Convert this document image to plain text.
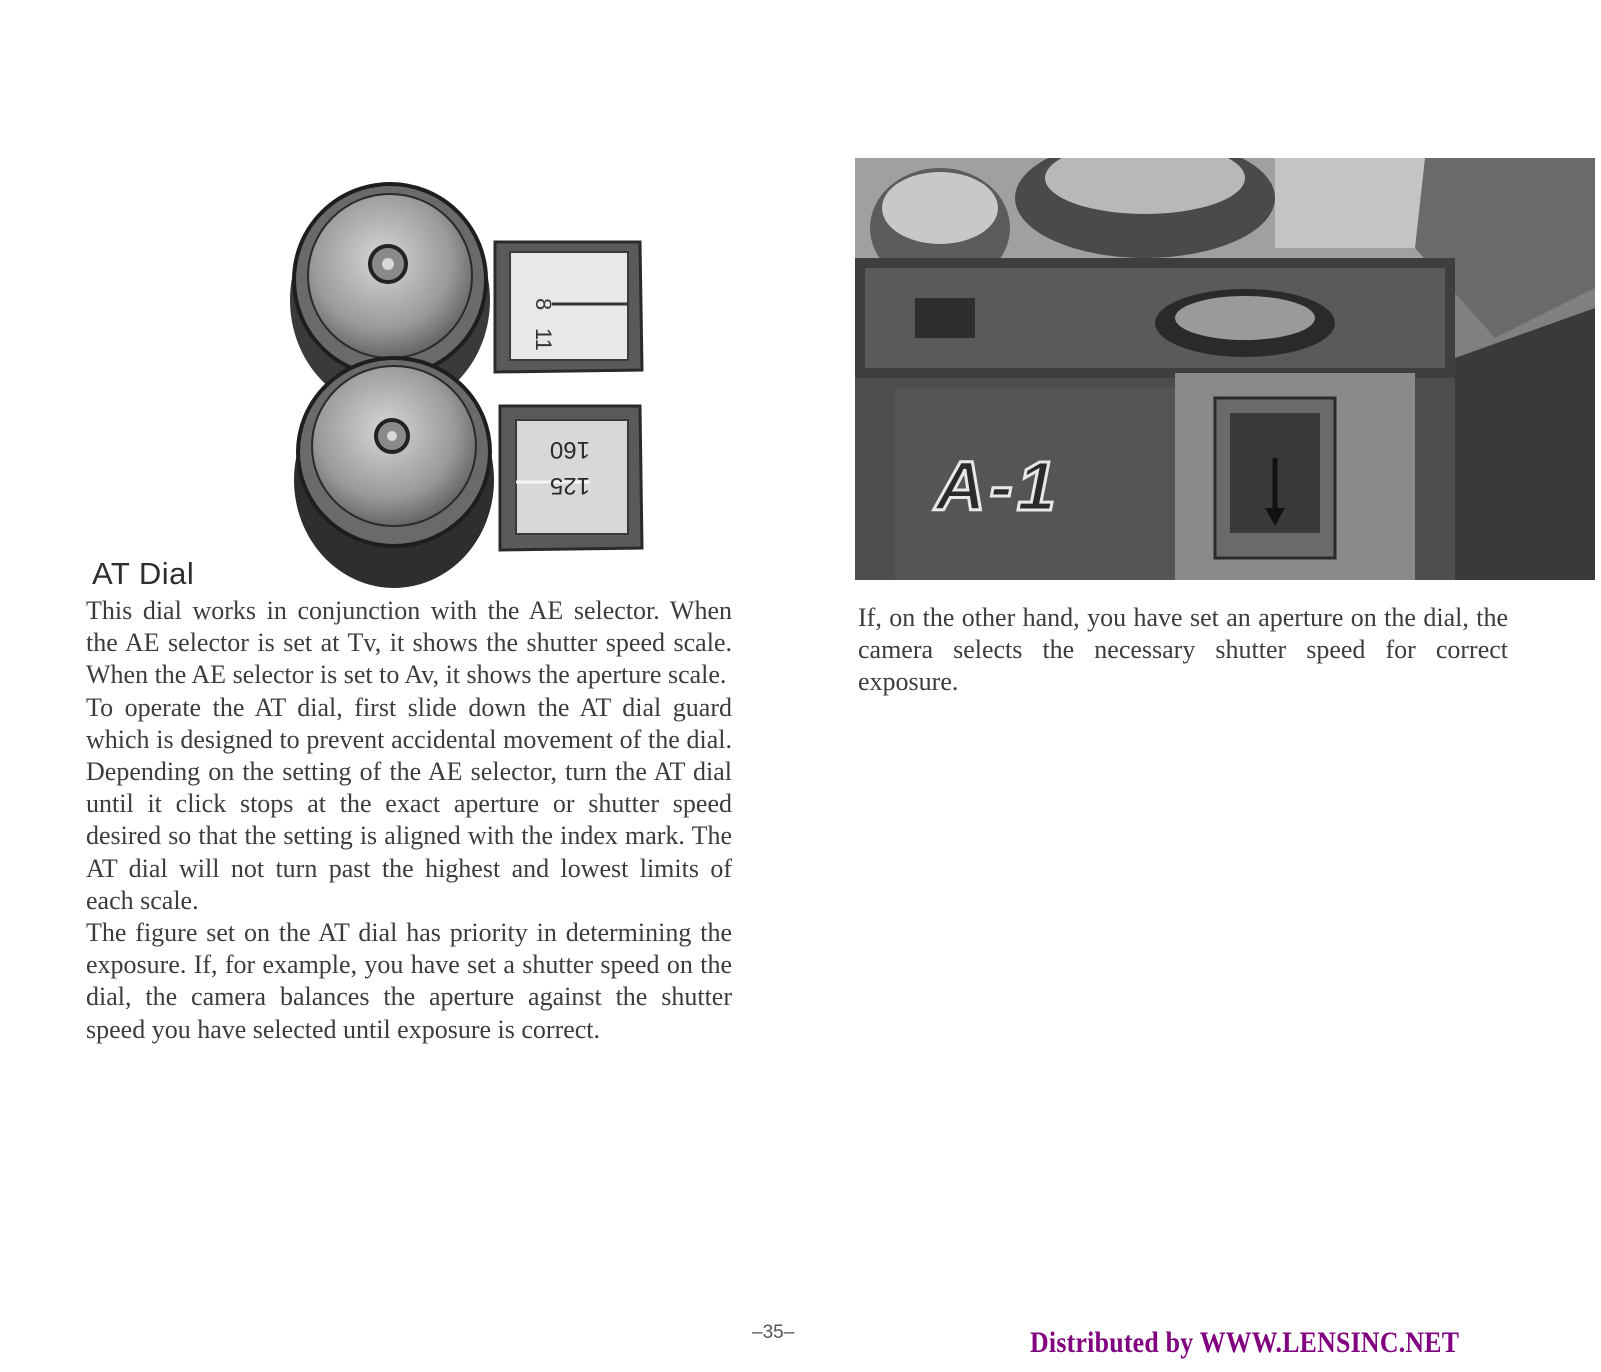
8
11
160
125	A-1
AT Dial

This dial works in conjunction with the AE selector. When the AE selector is set at Tv, it shows the shutter speed scale. When the AE selector is set to Av, it shows the aperture scale.

To operate the AT dial, first slide down the AT dial guard which is designed to prevent accidental movement of the dial. Depending on the setting of the AE selector, turn the AT dial until it click stops at the exact aperture or shutter speed desired so that the setting is aligned with the index mark. The AT dial will not turn past the highest and lowest limits of each scale.

The figure set on the AT dial has priority in determining the exposure. If, for example, you have set a shutter speed on the dial, the camera balances the aperture against the shutter speed you have selected until exposure is correct.

If, on the other hand, you have set an aperture on the dial, the camera selects the necessary shutter speed for correct exposure.

–35–	Distributed by WWW.LENSINC.NET
